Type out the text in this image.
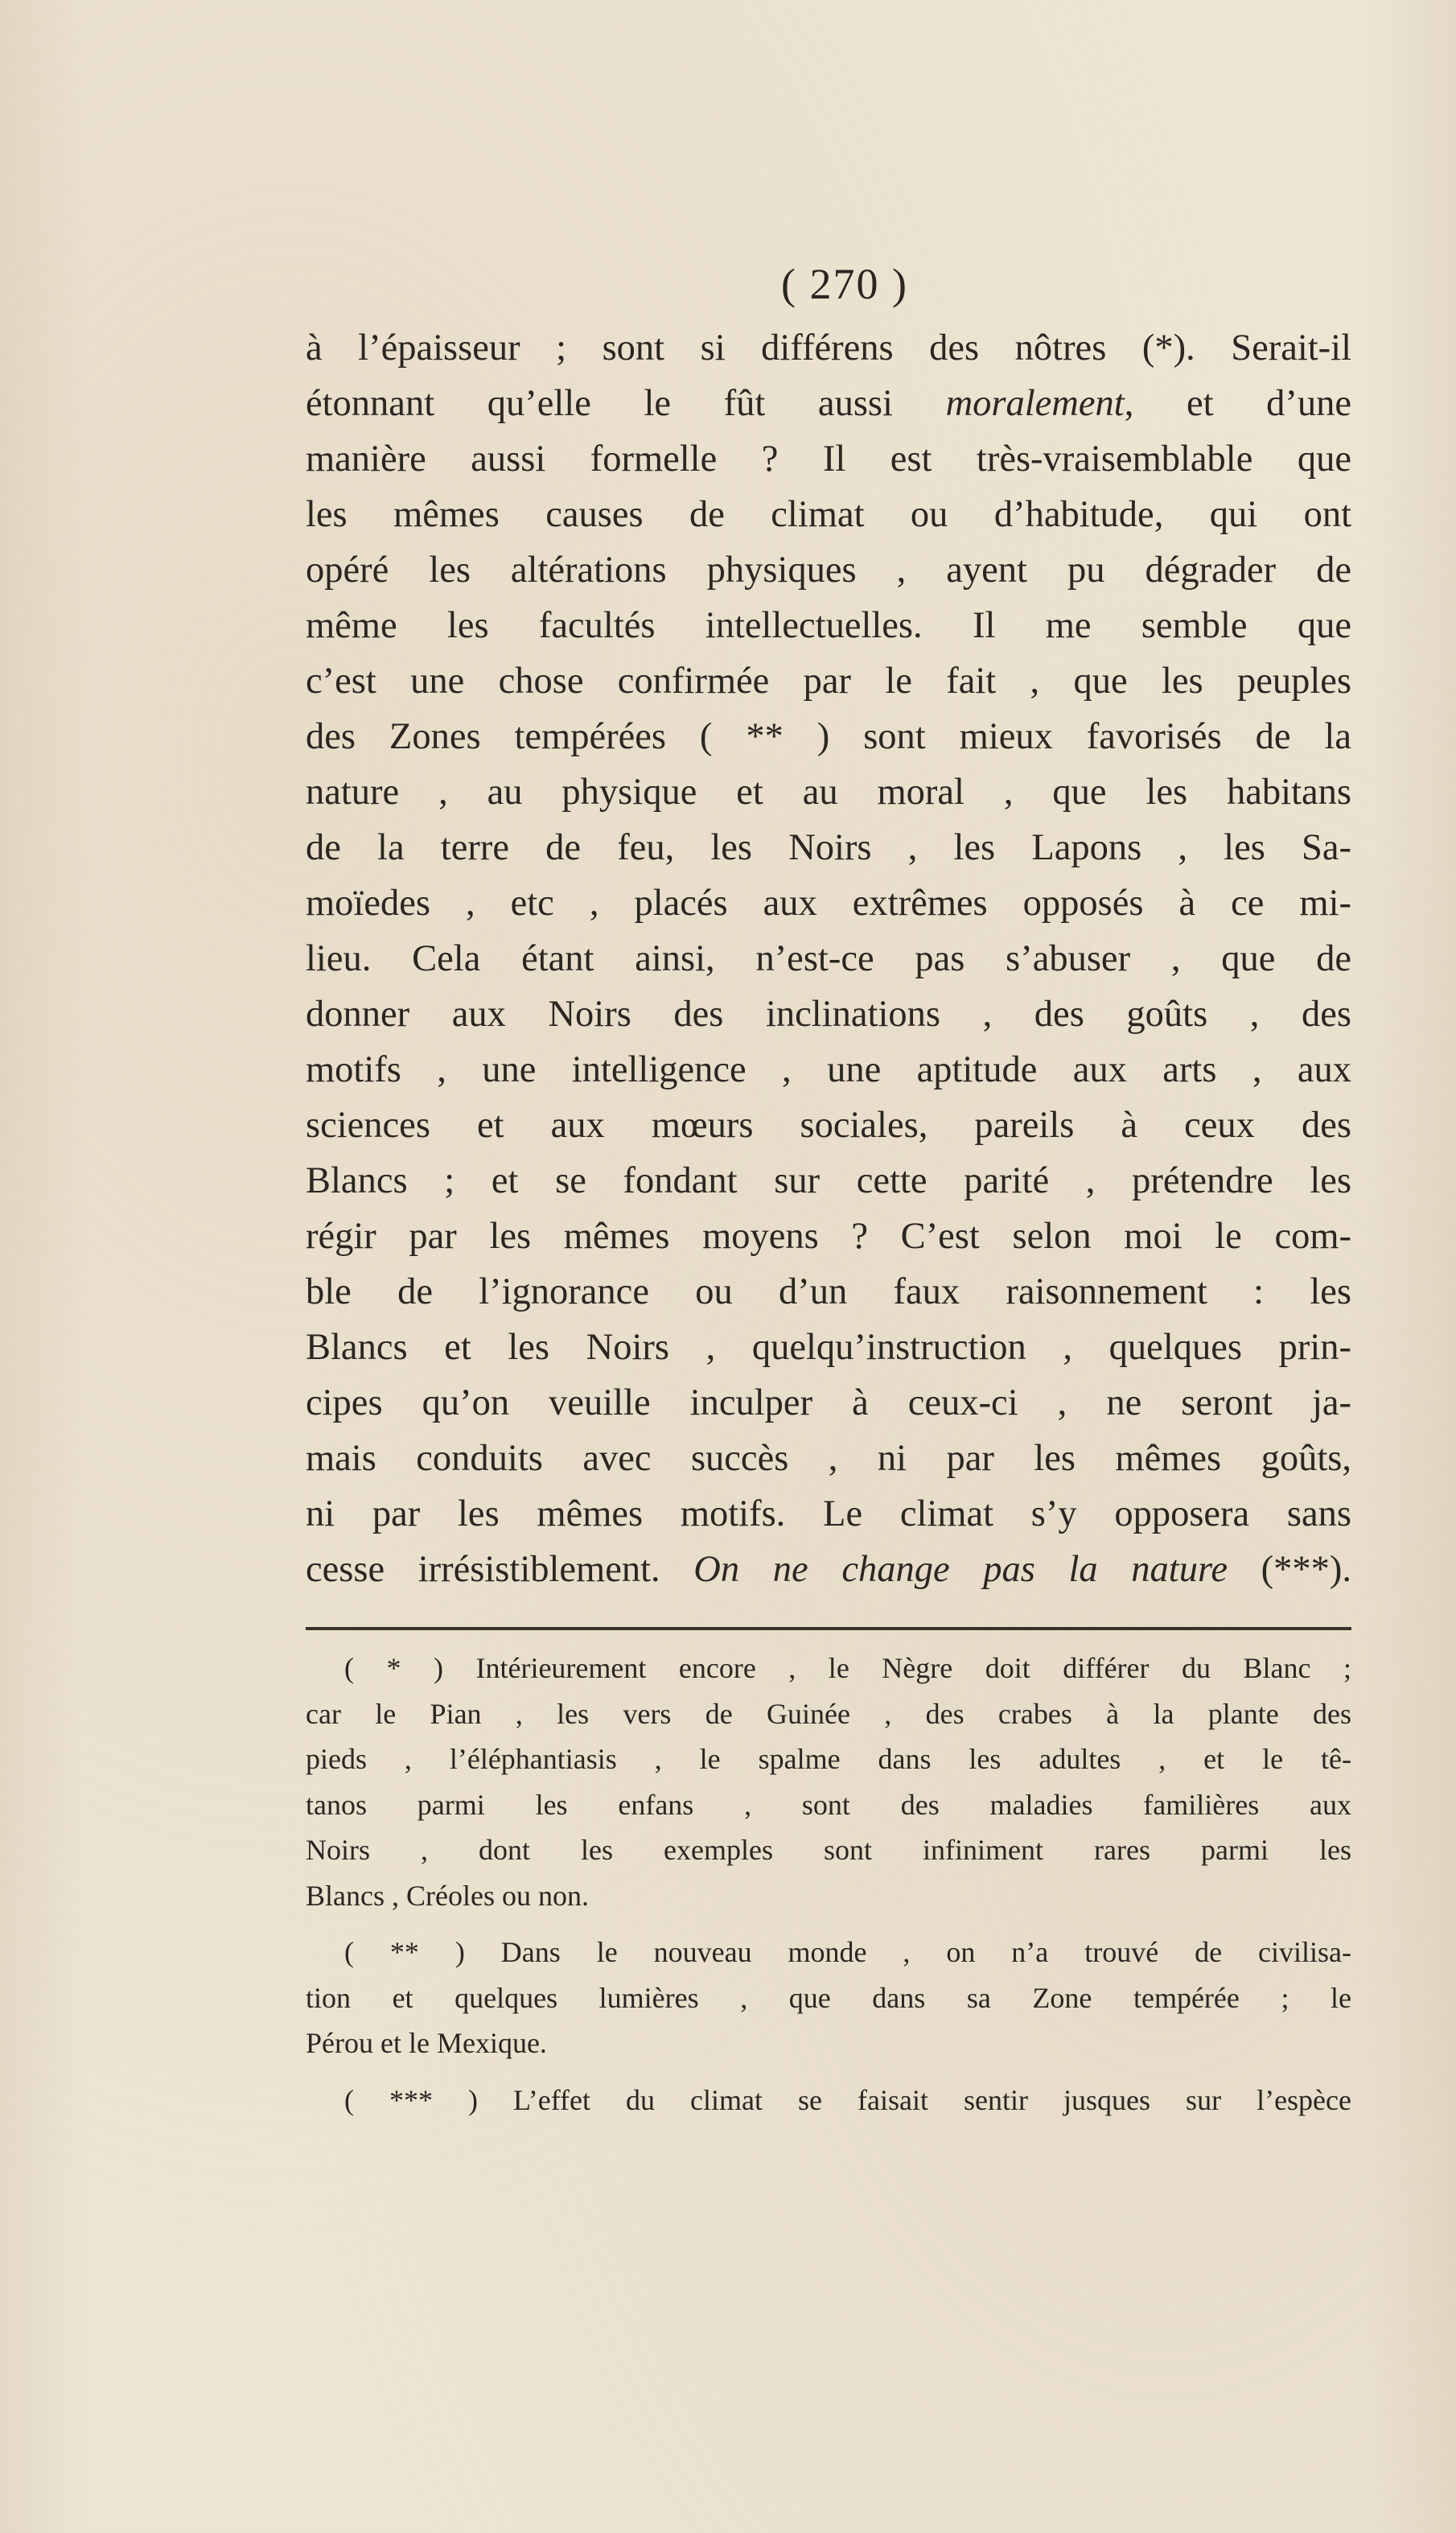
( 270 )
à l’épaisseur ; sont si différens des nôtres (*). Serait-il
étonnant qu’elle le fût aussi moralement, et d’une
manière aussi formelle ? Il est très-vraisemblable que
les mêmes causes de climat ou d’habitude, qui ont
opéré les altérations physiques , ayent pu dégrader de
même les facultés intellectuelles. Il me semble que
c’est une chose confirmée par le fait , que les peuples
des Zones tempérées ( ** ) sont mieux favorisés de la
nature , au physique et au moral , que les habitans
de la terre de feu, les Noirs , les Lapons , les Sa-
moïedes , etc , placés aux extrêmes opposés à ce mi-
lieu. Cela étant ainsi, n’est-ce pas s’abuser , que de
donner aux Noirs des inclinations , des goûts , des
motifs , une intelligence , une aptitude aux arts , aux
sciences et aux mœurs sociales, pareils à ceux des
Blancs ; et se fondant sur cette parité , prétendre les
régir par les mêmes moyens ? C’est selon moi le com-
ble de l’ignorance ou d’un faux raisonnement : les
Blancs et les Noirs , quelqu’instruction , quelques prin-
cipes qu’on veuille inculper à ceux-ci , ne seront ja-
mais conduits avec succès , ni par les mêmes goûts,
ni par les mêmes motifs. Le climat s’y opposera sans
cesse irrésistiblement. On ne change pas la nature (***).
( * ) Intérieurement encore , le Nègre doit différer du Blanc ;
car le Pian , les vers de Guinée , des crabes à la plante des
pieds , l’éléphantiasis , le spalme dans les adultes , et le tê-
tanos parmi les enfans , sont des maladies familières aux
Noirs , dont les exemples sont infiniment rares parmi les
Blancs , Créoles ou non.
( ** ) Dans le nouveau monde , on n’a trouvé de civilisa-
tion et quelques lumières , que dans sa Zone tempérée ; le
Pérou et le Mexique.
( *** ) L’effet du climat se faisait sentir jusques sur l’espèce
